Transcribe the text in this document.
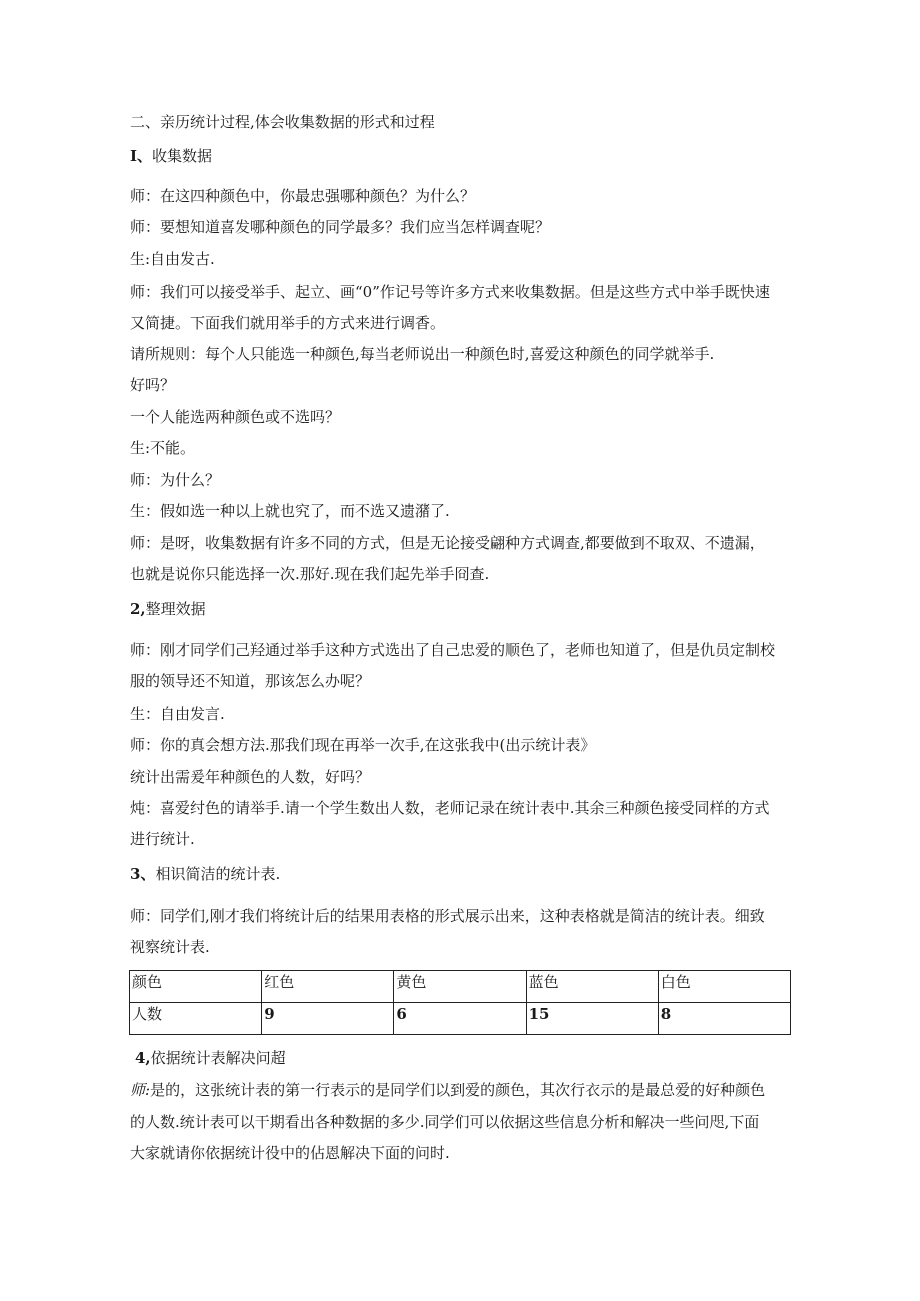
二、亲历统计过程,体会收集数据的形式和过程

I、收集数据

师：在这四种颜色中，你最忠强哪种颜色？为什么？

师：要想知道喜发哪种颜色的同学最多？我们应当怎样调查呢？

生:自由发古.

师：我们可以接受举手、起立、画“0”作记号等许多方式来收集数据。但是这些方式中举手既快速

又简捷。下面我们就用举手的方式来进行调香。

请所规则：每个人只能选一种颜色,每当老师说出一种颜色时,喜爱这种颜色的同学就举手.

好吗？

一个人能选两种颜色或不选吗？

生:不能。

师：为什么？

生：假如选一种以上就也究了，而不选又遗潴了.

师：是呀，收集数据有许多不同的方式，但是无论接受翩种方式调查,都要做到不取双、不遗漏，

也就是说你只能选择一次.那好.现在我们起先举手冏查.

2,整理效据

师：刚才同学们己羟通过举手这种方式选出了自己忠爱的顺色了，老师也知道了，但是仇员定制校

服的领导还不知道，那该怎么办呢？

生：自由发言.

师：你的真会想方法.那我们现在再举一次手,在这张我中(出示统计表》

统计出需爰年种颜色的人数，好吗？

炖：喜爱纣色的请举手.请一个学生数出人数，老师记录在统计表中.其余三种颜色接受同样的方式

进行统计.

3、相识简洁的统计表.

师：同学们,刚才我们将统计后的结果用表格的形式展示出来，这种表格就是简洁的统计表。细致

视察统计表.

颜色	红色	黄色	蓝色	白色
人数	9	6	15	8

4,依据统计表解决问超

师:是的，这张统计表的第一行表示的是同学们以到爱的颜色，其次行衣示的是最总爱的好种颜色

的人数.统计表可以干期看出各种数据的多少.同学们可以依据这些信息分析和解决一些问咫,下面

大家就请你依据统计役中的佔恩解决下面的问时.
